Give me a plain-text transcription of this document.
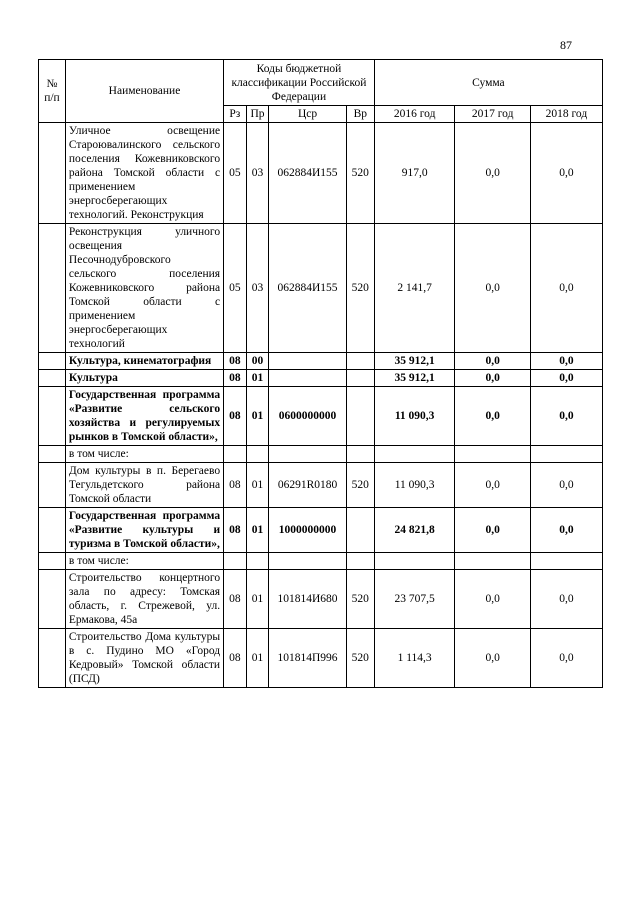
87
№ п/п	Наименование	Коды бюджетной классификации Российской Федерации				Сумма		
		Рз	Пр	Цср	Вр	2016 год	2017 год	2018 год
	Уличное освещение Староювалинского сельского поселения Кожевниковского района Томской области с применением энергосберегающих технологий. Реконструкция	05	03	062884И155	520	917,0	0,0	0,0
	Реконструкция уличного освещения Песочнодубровского сельского поселения Кожевниковского района Томской области с применением энергосберегающих технологий	05	03	062884И155	520	2 141,7	0,0	0,0
	Культура, кинематография	08	00			35 912,1	0,0	0,0
	Культура	08	01			35 912,1	0,0	0,0
	Государственная программа «Развитие сельского хозяйства и регулируемых рынков в Томской области»,	08	01	0600000000		11 090,3	0,0	0,0
	в том числе:							
	Дом культуры в п. Берегаево Тегульдетского района Томской области	08	01	06291R0180	520	11 090,3	0,0	0,0
	Государственная программа «Развитие культуры и туризма в Томской области»,	08	01	1000000000		24 821,8	0,0	0,0
	в том числе:							
	Строительство концертного зала по адресу: Томская область, г. Стрежевой, ул. Ермакова, 45а	08	01	101814И680	520	23 707,5	0,0	0,0
	Строительство Дома культуры в с. Пудино МО «Город Кедровый» Томской области (ПСД)	08	01	101814П996	520	1 114,3	0,0	0,0
